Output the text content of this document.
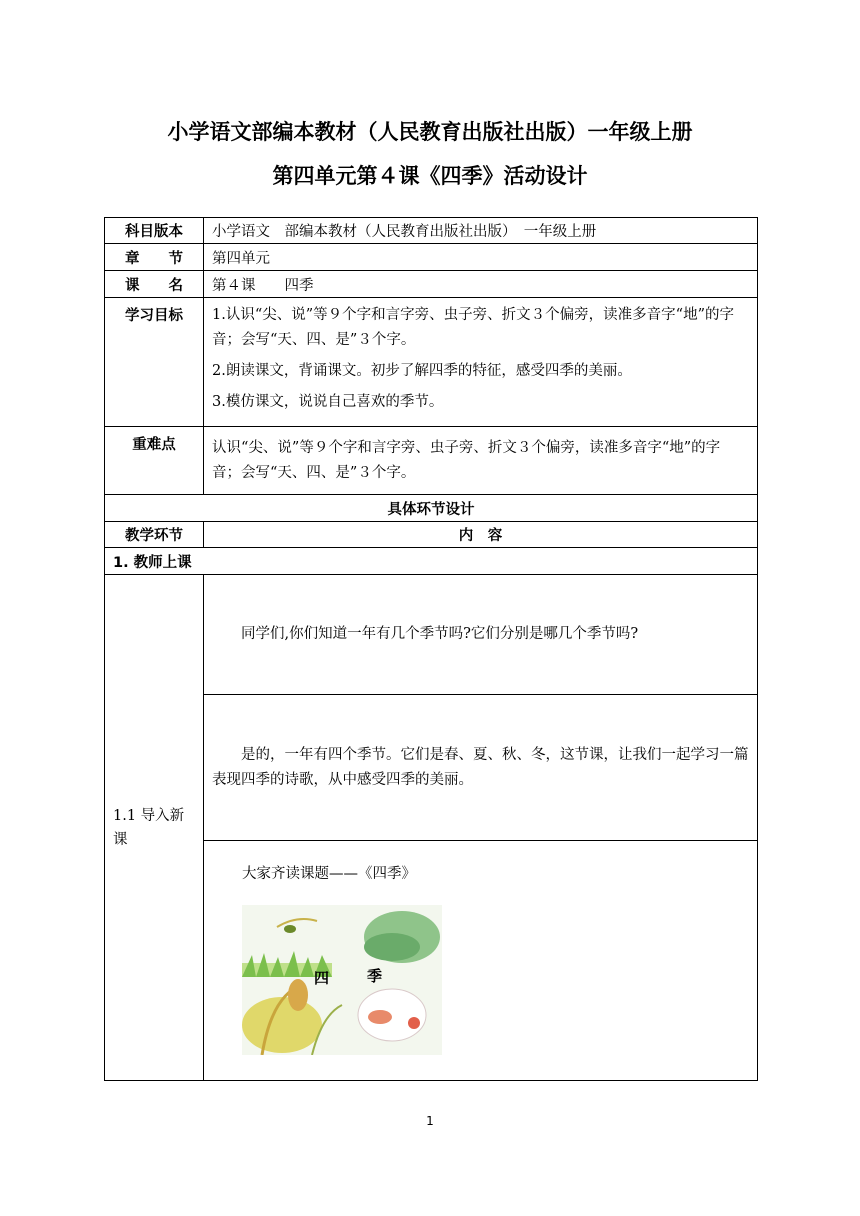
小学语文部编本教材（人民教育出版社出版）一年级上册
第四单元第４课《四季》活动设计
科目版本	小学语文　部编本教材（人民教育出版社出版）　一年级上册

章 节	第四单元

课 名	第４课　　四季
学习目标	1.认识“尖、说”等９个字和言字旁、虫子旁、折文３个偏旁，读准多音字“地”的字音；会写“天、四、是”３个字。

2.朗读课文，背诵课文。初步了解四季的特征，感受四季的美丽。

3.模仿课文，说说自己喜欢的季节。

重难点	认识“尖、说”等９个字和言字旁、虫子旁、折文３个偏旁，读准多音字“地”的字音；会写“天、四、是”３个字。

具体环节设计	
教学环节	内　容
1. 教师上课	
1.1 导入新课	同学们,你们知道一年有几个季节吗?它们分别是哪几个季节吗?

	是的，一年有四个季节。它们是春、夏、秋、冬，这节课，让我们一起学习一篇表现四季的诗歌，从中感受四季的美丽。

	大家齐读课题——《四季》

四 季
1
